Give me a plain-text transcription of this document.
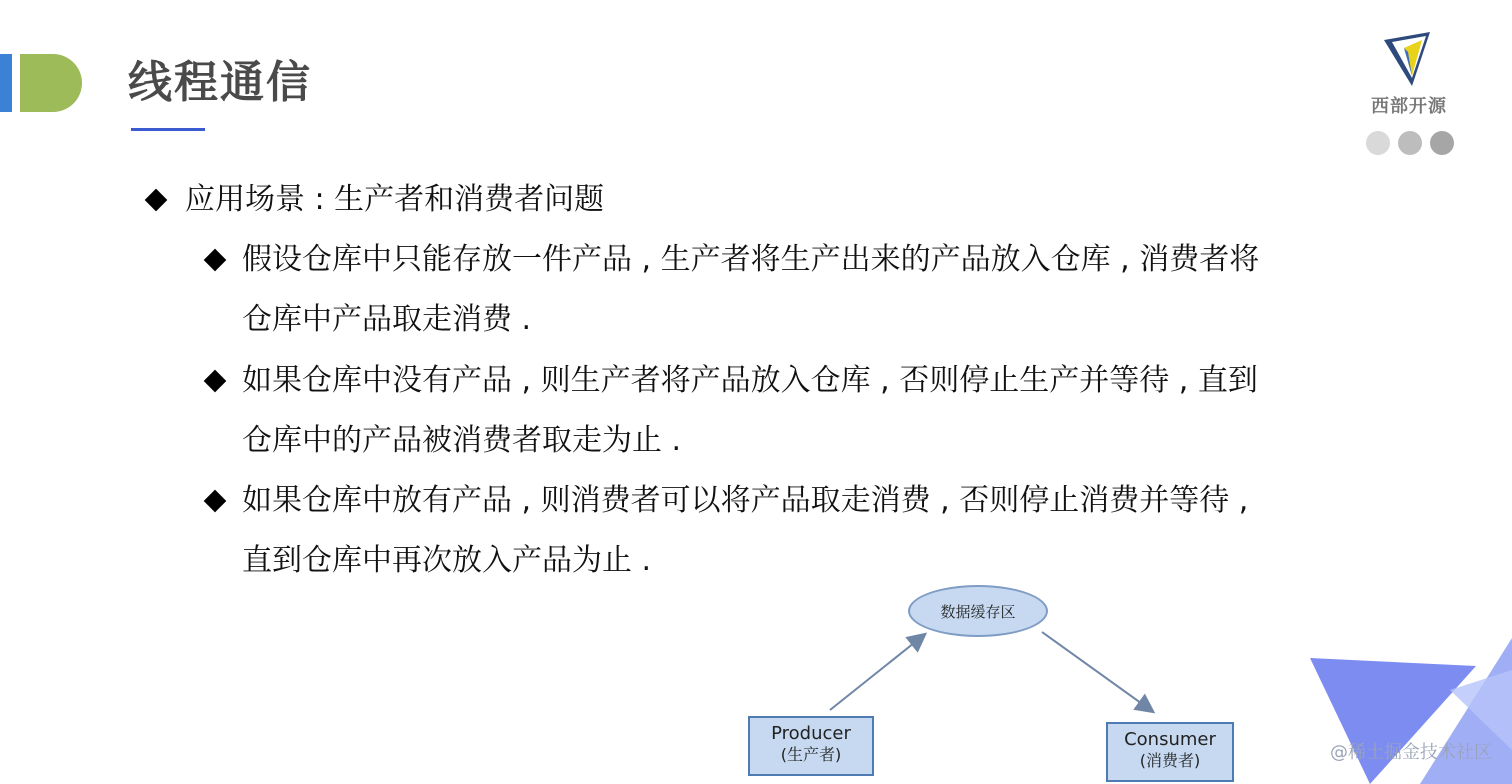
线程通信	西部开源
应用场景 : 生产者和消费者问题
假设仓库中只能存放一件产品 , 生产者将生产出来的产品放入仓库 , 消费者将
仓库中产品取走消费 .
如果仓库中没有产品 , 则生产者将产品放入仓库 , 否则停止生产并等待 , 直到
仓库中的产品被消费者取走为止 .
如果仓库中放有产品 , 则消费者可以将产品取走消费 , 否则停止消费并等待 ,
直到仓库中再次放入产品为止 .
数据缓存区
Producer
(生产者)
Consumer
(消费者)	@稀土掘金技术社区
